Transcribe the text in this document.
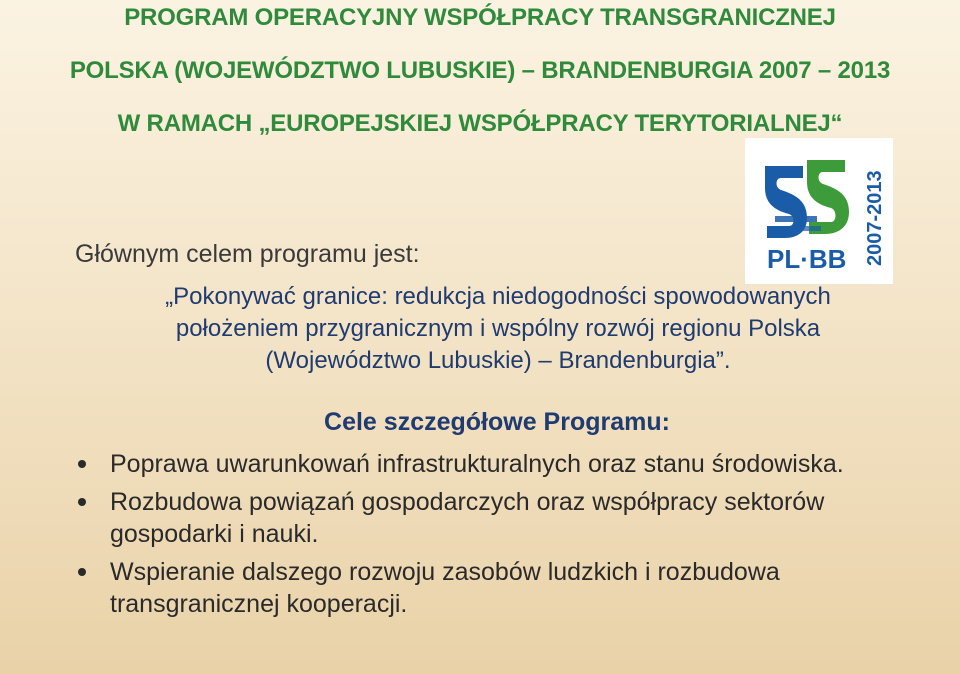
PROGRAM OPERACYJNY WSPÓŁPRACY TRANSGRANICZNEJ
POLSKA (WOJEWÓDZTWO LUBUSKIE) – BRANDENBURGIA 2007 – 2013
W RAMACH „EUROPEJSKIEJ WSPÓŁPRACY TERYTORIALNEJ“
PL·BB 2007-2013
Głównym celem programu jest:
„Pokonywać granice: redukcja niedogodności spowodowanych
położeniem przygranicznym i wspólny rozwój regionu Polska
(Województwo Lubuskie) – Brandenburgia”.
Cele szczegółowe Programu:
Poprawa uwarunkowań infrastrukturalnych oraz stanu środowiska.
Rozbudowa powiązań gospodarczych oraz współpracy sektorów gospodarki i nauki.
Wspieranie dalszego rozwoju zasobów ludzkich i rozbudowa transgranicznej kooperacji.
